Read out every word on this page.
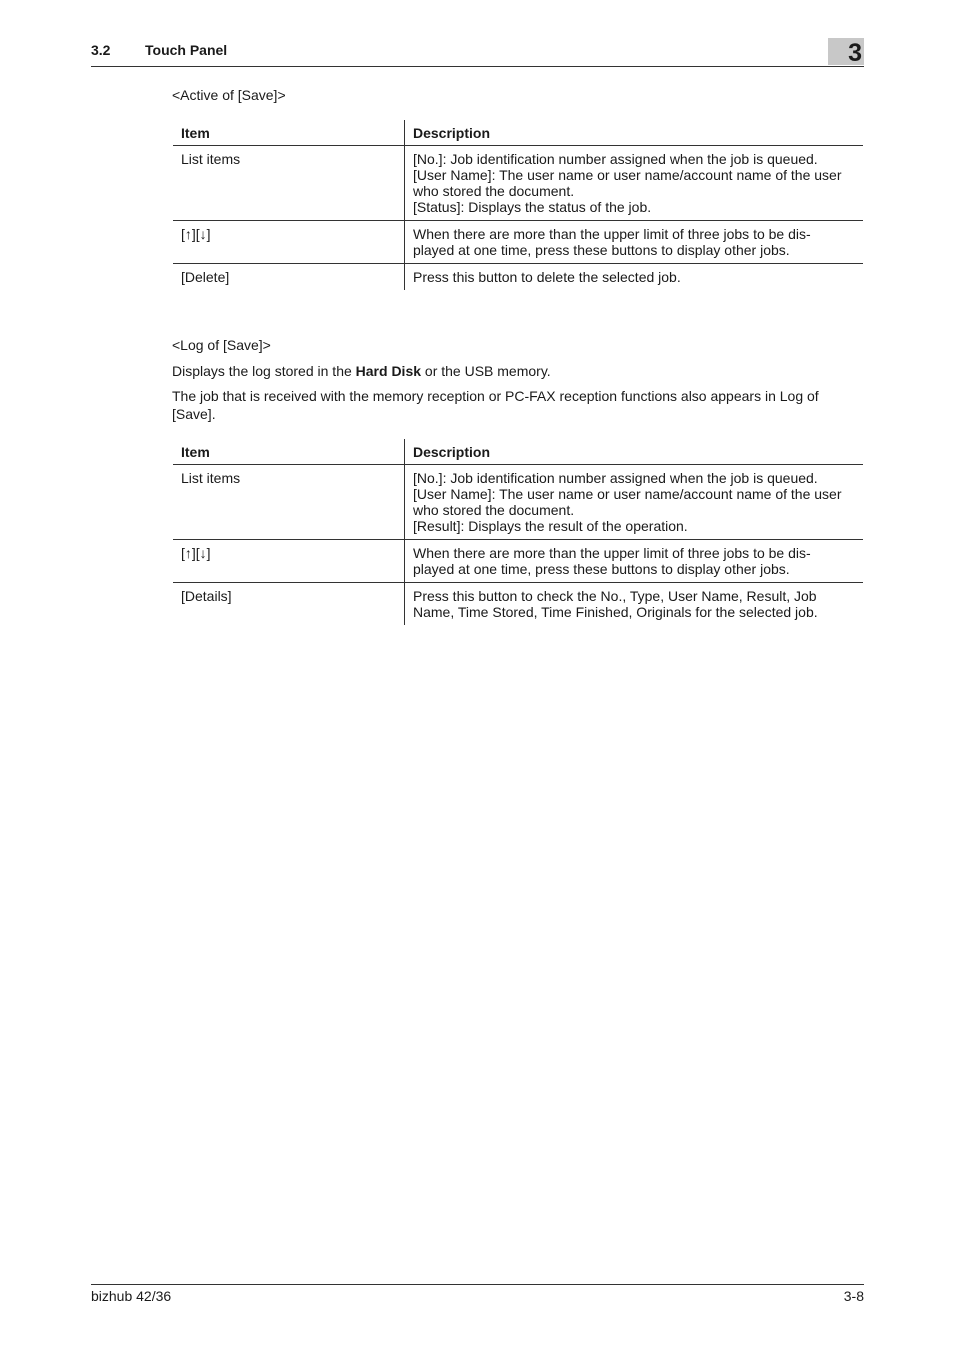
3.2 Touch Panel	3
<Active of [Save]>
Item	Description
List items	[No.]: Job identification number assigned when the job is queued.
[User Name]: The user name or user name/account name of the user
who stored the document.
[Status]: Displays the status of the job.

[↑][↓]	When there are more than the upper limit of three jobs to be dis-
played at one time, press these buttons to display other jobs.

[Delete]	Press this button to delete the selected job.
<Log of [Save]>
Displays the log stored in the Hard Disk or the USB memory.
The job that is received with the memory reception or PC-FAX reception functions also appears in Log of
[Save].
Item	Description
List items	[No.]: Job identification number assigned when the job is queued.
[User Name]: The user name or user name/account name of the user
who stored the document.
[Result]: Displays the result of the operation.

[↑][↓]	When there are more than the upper limit of three jobs to be dis-
played at one time, press these buttons to display other jobs.

[Details]	Press this button to check the No., Type, User Name, Result, Job
Name, Time Stored, Time Finished, Originals for the selected job.
bizhub 42/36	3-8
